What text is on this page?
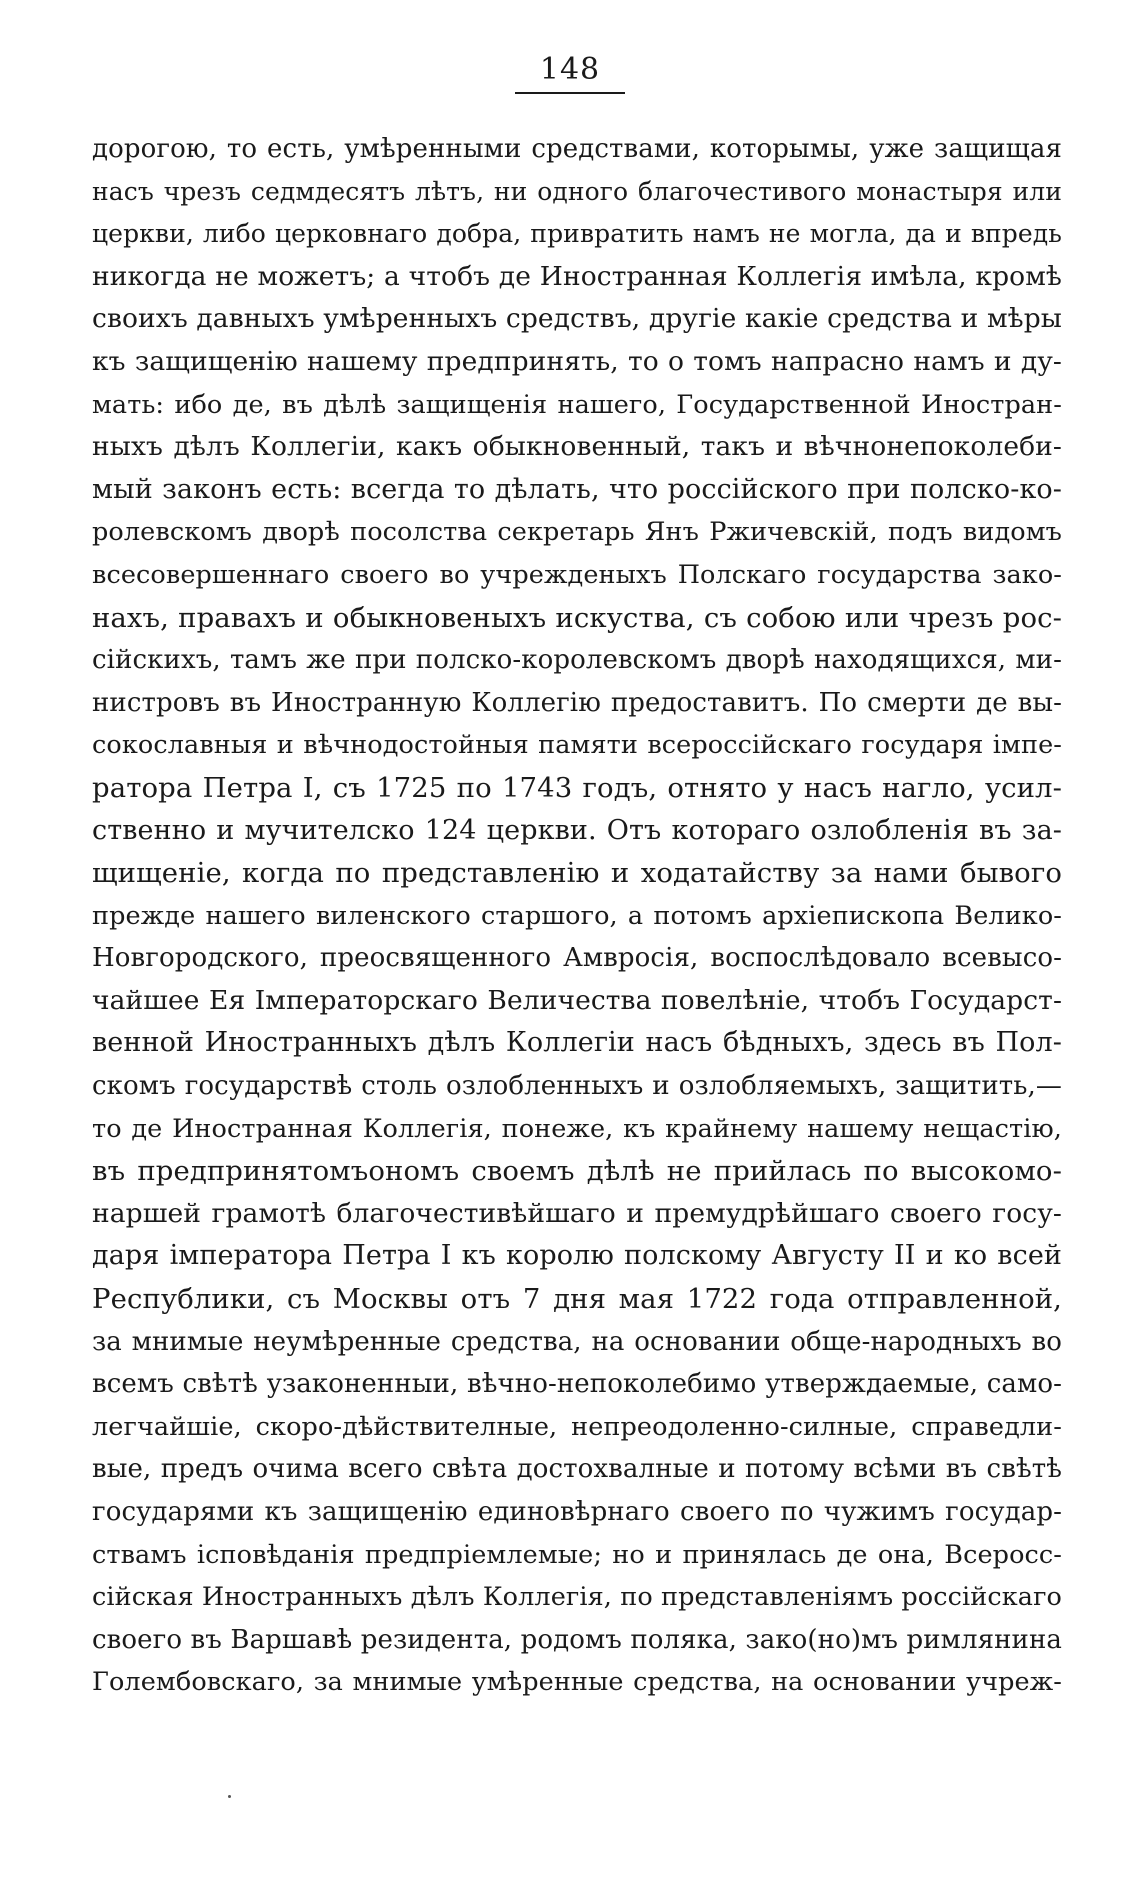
148
дорогою, то есть, умѣренными средствами, которымы, уже защищая
насъ чрезъ седмдесятъ лѣтъ, ни одного благочестивого монастыря или
церкви, либо церковнаго добра, привратить намъ не могла, да и впредь
никогда не можетъ; а чтобъ де Иностранная Коллегія имѣла, кромѣ
своихъ давныхъ умѣренныхъ средствъ, другіе какіе средства и мѣры
къ защищенію нашему предпринять, то о томъ напрасно намъ и ду-
мать: ибо де, въ дѣлѣ защищенія нашего, Государственной Иностран-
ныхъ дѣлъ Коллегіи, какъ обыкновенный, такъ и вѣчнонепоколеби-
мый законъ есть: всегда то дѣлать, что россійского при полско-ко-
ролевскомъ дворѣ посолства секретарь Янъ Ржичевскій, подъ видомъ
всесовершеннаго своего во учрежденыхъ Полскаго государства зако-
нахъ, правахъ и обыкновеныхъ искуства, съ собою или чрезъ рос-
сійскихъ, тамъ же при полско-королевскомъ дворѣ находящихся, ми-
нистровъ въ Иностранную Коллегію предоставитъ. По смерти де вы-
сокославныя и вѣчнодостойныя памяти всероссійскаго государя імпе-
ратора Петра I, съ 1725 по 1743 годъ, отнято у насъ нагло, усил-
ственно и мучителско 124 церкви. Отъ котораго озлобленія въ за-
щищеніе, когда по представленію и ходатайству за нами бывого
прежде нашего виленского старшого, а потомъ архіепископа Велико-
Новгородского, преосвященного Амвросія, воспослѣдовало всевысо-
чайшее Ея Імператорскаго Величества повелѣніе, чтобъ Государст-
венной Иностранныхъ дѣлъ Коллегіи насъ бѣдныхъ, здесь въ Пол-
скомъ государствѣ столь озлобленныхъ и озлобляемыхъ, защитить,—
то де Иностранная Коллегія, понеже, къ крайнему нашему нещастію,
въ предпринятомъономъ своемъ дѣлѣ не прийлась по высокомо-
наршей грамотѣ благочестивѣйшаго и премудрѣйшаго своего госу-
даря імператора Петра I къ королю полскому Августу II и ко всей
Республики, съ Москвы отъ 7 дня мая 1722 года отправленной,
за мнимые неумѣренные средства, на основании обще-народныхъ во
всемъ свѣтѣ узаконенныи, вѣчно-непоколебимо утверждаемые, само-
легчайшіе, скоро-дѣйствителные, непреодоленно-силные, справедли-
вые, предъ очима всего свѣта достохвалные и потому всѣми въ свѣтѣ
государями къ защищенію единовѣрнаго своего по чужимъ государ-
ствамъ іcповѣданія предпріемлемые; но и принялась де она, Всеросс-
сійская Иностранныхъ дѣлъ Коллегія, по представленіямъ россійскаго
своего въ Варшавѣ резидента, родомъ поляка, зако(но)мъ римлянина
Голембовскаго, за мнимые умѣренные средства, на основании учреж-
